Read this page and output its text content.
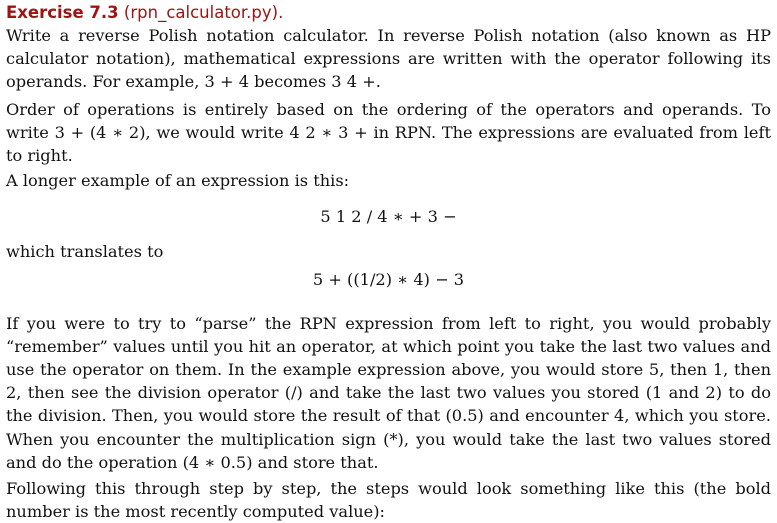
Exercise 7.3 (rpn_calculator.py).

Write a reverse Polish notation calculator. In reverse Polish notation (also known as HP calculator notation), mathematical expressions are written with the operator following its operands. For example, 3 + 4 becomes 3 4 +.

Order of operations is entirely based on the ordering of the operators and operands. To write 3 + (4 ∗ 2), we would write 4 2 ∗ 3 + in RPN. The expressions are evaluated from left to right.

A longer example of an expression is this:

5 1 2 / 4 ∗ + 3 −

which translates to

5 + ((1/2) ∗ 4) − 3

If you were to try to “parse” the RPN expression from left to right, you would probably “remember” values until you hit an operator, at which point you take the last two values and use the operator on them. In the example expression above, you would store 5, then 1, then 2, then see the division operator (/) and take the last two values you stored (1 and 2) to do the division. Then, you would store the result of that (0.5) and encounter 4, which you store. When you encounter the multiplication sign (*), you would take the last two values stored and do the operation (4 ∗ 0.5) and store that.

Following this through step by step, the steps would look something like this (the bold number is the most recently computed value):
